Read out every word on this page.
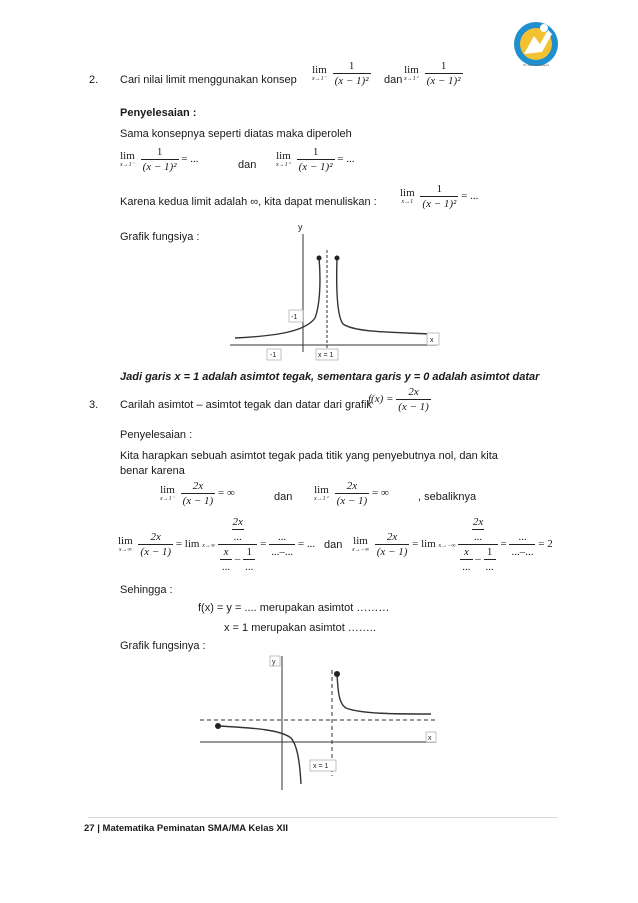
Tut Wuri Handayani
2. Cari nilai limit menggunakan konsep
lim
x→1⁻
$\frac{1}{\text{(x − 1)²}}$ dan
lim
x→1⁺
$\frac{1}{\text{(x − 1)²}}$
Penyelesaian :
Sama konsepnya seperti diatas maka diperoleh
lim
x→1⁻
$\frac{1}{\text{(x − 1)²}}$ = ...	dan
lim
x→1⁺
$\frac{1}{\text{(x − 1)²}}$ = ...
Karena kedua limit adalah ∞, kita dapat menuliskan :
lim
x→1
$\frac{1}{\text{(x − 1)²}}$ = ...
Grafik fungsiya :
y
-1
-1	x = 1
x
Jadi garis x = 1 adalah asimtot tegak, sementara garis y = 0 adalah asimtot datar
3. Carilah asimtot – asimtot tegak dan datar dari grafik
$f(x) = \frac{2x}{(x - 1)}$
Penyelesaian :
Kita harapkan sebuah asimtot tegak pada titik yang penyebutnya nol, dan kita
benar karena
lim
x→1⁻
$\frac{2x}{(x - 1)}$ = ∞	dan
lim
x→1⁺
$\frac{2x}{(x - 1)}$ = ∞	, sebaliknya
lim
x→∞
$\frac{2x}{(x - 1)} = \lim x\to\infty \frac{\frac{2x}{...}}{\frac{x}{...} - \frac{1}{...}} = \frac{...}{...-...}$ = ... dan lim
x→−∞
$\frac{2x}{(x - 1)} = \lim x\to-\infty \frac{\frac{2x}{...}}{\frac{x}{...} - \frac{1}{...}} = \frac{...}{...-...} = 2$
Sehingga :
f(x) = y = .... merupakan asimtot ………
x = 1 merupakan asimtot ……..
Grafik fungsinya :
y
x
x = 1
27 | Matematika Peminatan SMA/MA Kelas XII
